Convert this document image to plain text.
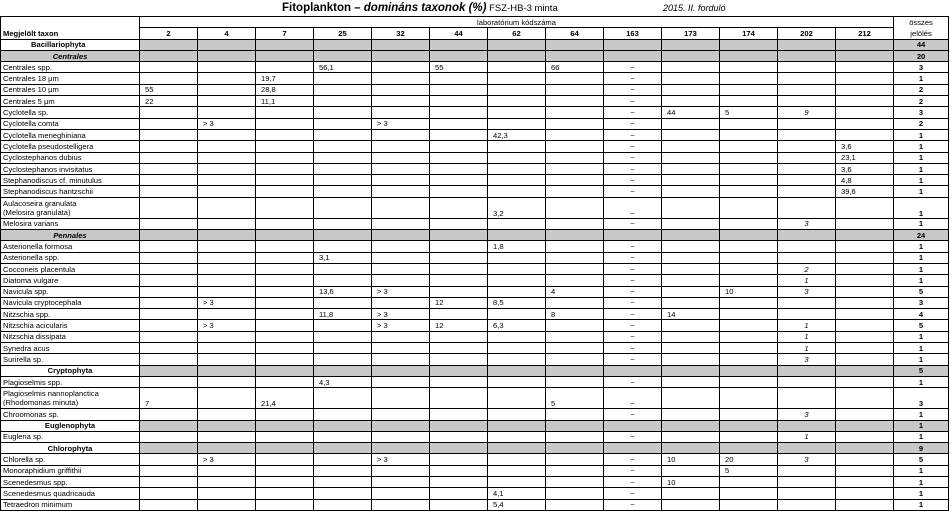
Fitoplankton – domináns taxonok (%) FSZ-HB-3 minta	2015. II. forduló
	laboratórium kódszáma													összes
Megjelölt taxon	2	4	7	25	32	44	62	64	163	173	174	202	212	jelölés
Bacillariophyta														44
Centrales														20
Centrales spp.				56,1		55		66	~					3
Centrales 18 μm			19,7						~					1
Centrales 10 μm	55		28,8						~					2
Centrales 5 μm	22		11,1						~					2
Cyclotella sp.									~	44	5	9		3
Cyclotella comta		> 3			> 3				~					2
Cyclotella meneghiniana							42,3		~					1
Cyclotella pseudostelligera									~				3,6	1
Cyclostephanos dubius									~				23,1	1
Cyclostephanos invisitatus									~				3,6	1
Stephanodiscus cf. minutulus									~				4,8	1
Stephanodiscus hantzschii									~				39,6	1

Aulacoseira granulata
(Melosira granulata)							3,2		~					1
Melosira varians									~			3		1
Pennales														24
Asterionella formosa							1,8		~					1
Asterionella spp.				3,1					~					1
Cocconeis placentula									~			2		1
Diatoma vulgare									~			1		1
Navicula spp.				13,6	> 3			4	~		10	3		5
Navicula cryptocephala		> 3				12	8,5		~					3
Nitzschia spp.				11,8	> 3			8	~	14				4
Nitzschia acicularis		> 3			> 3	12	6,3		~			1		5
Nitzschia dissipata									~			1		1
Synedra acus									~			1		1
Surirella sp.									~			3		1
Cryptophyta														5
Plagioselmis spp.				4,3					~					1

Plagioselmis nannoplanctica
(Rhodomonas minuta)	7		21,4					5	~					3
Chroomonas sp.									~			3		1
Euglenophyta														1
Euglena sp.									~			1		1
Chlorophyta														9
Chlorella sp.		> 3			> 3				~	10	20	3		5
Monoraphidium griffithii									~		5			1
Scenedesmus spp.									~	10				1
Scenedesmus quadricauda							4,1		~					1
Tetraedron minimum							5,4		~					1
